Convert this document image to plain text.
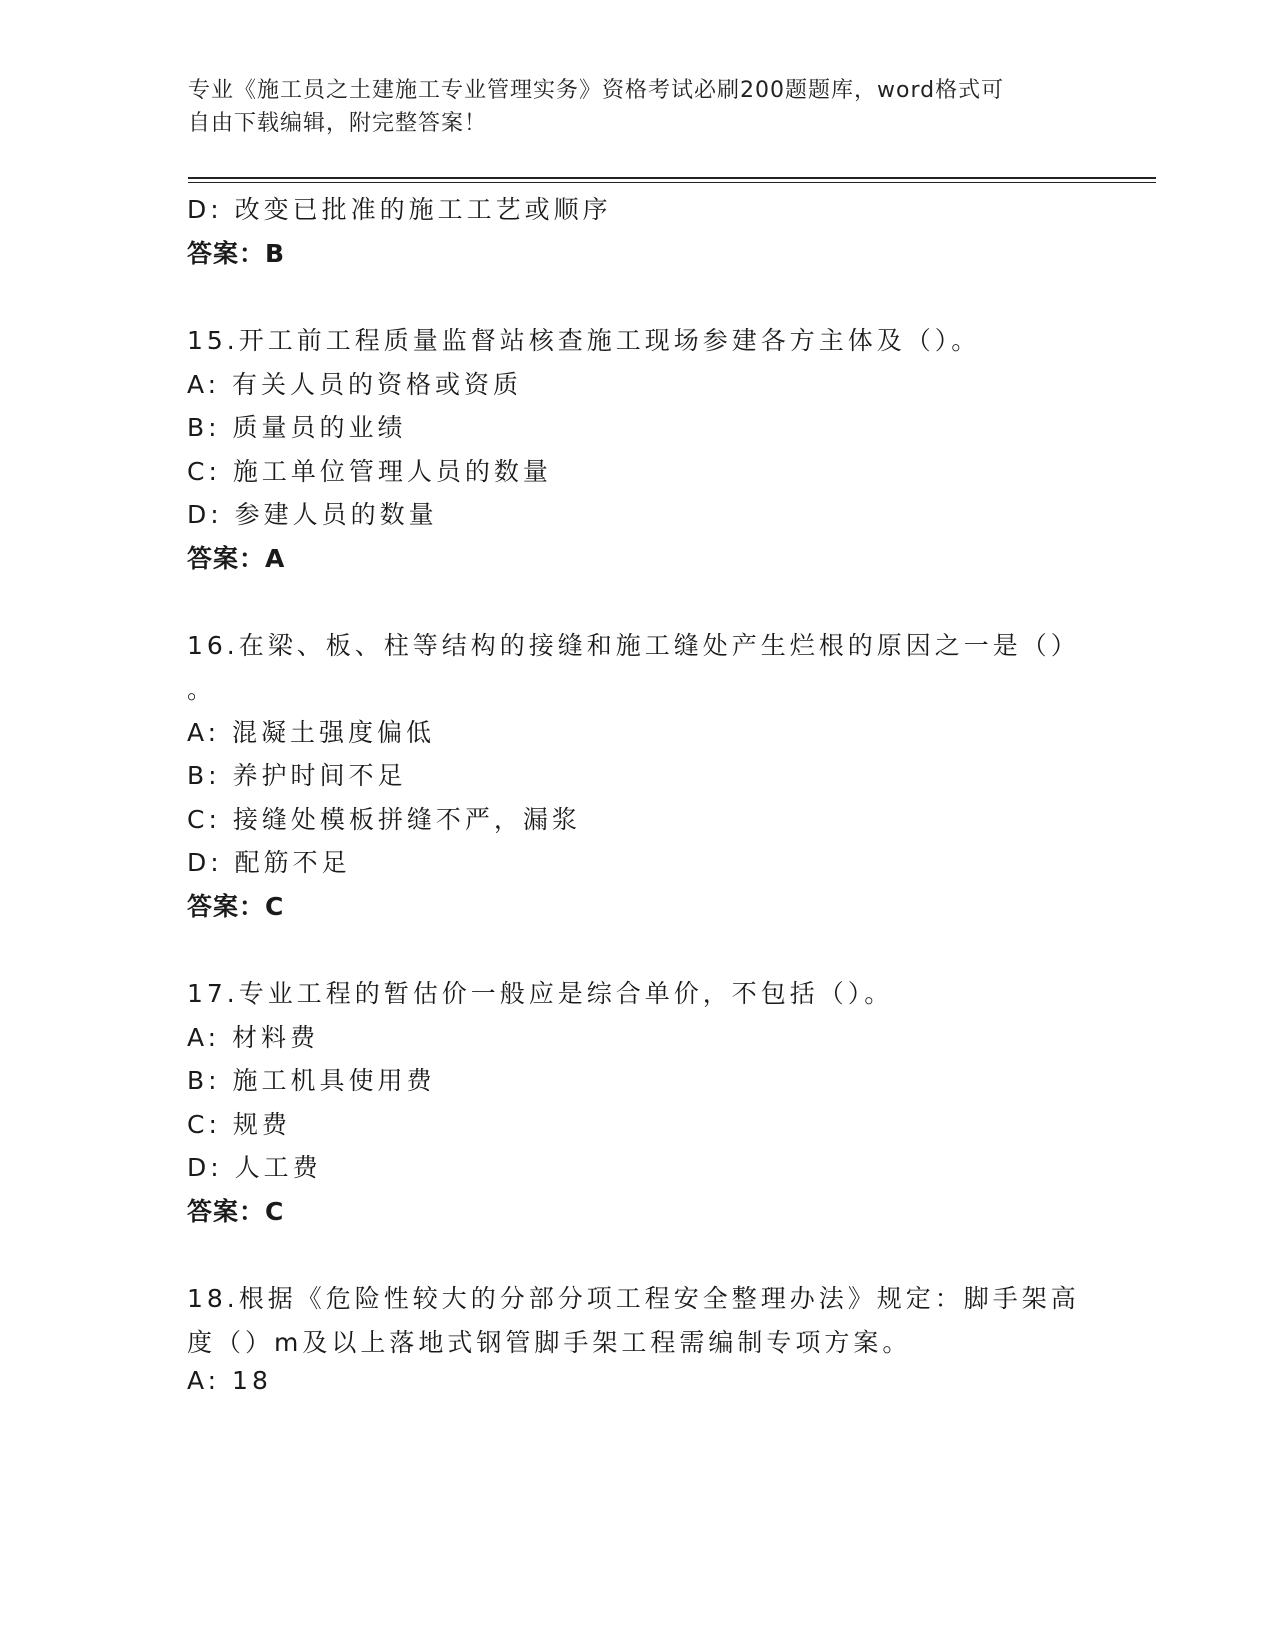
专业《施工员之土建施工专业管理实务》资格考试必刷200题题库，word格式可
自由下载编辑，附完整答案！
D: 改变已批准的施工工艺或顺序
答案：B
15.开工前工程质量监督站核查施工现场参建各方主体及（）。
A: 有关人员的资格或资质
B: 质量员的业绩
C: 施工单位管理人员的数量
D: 参建人员的数量
答案：A
16.在梁、板、柱等结构的接缝和施工缝处产生烂根的原因之一是（）
。
A: 混凝土强度偏低
B: 养护时间不足
C: 接缝处模板拼缝不严，漏浆
D: 配筋不足
答案：C
17.专业工程的暂估价一般应是综合单价，不包括（）。
A: 材料费
B: 施工机具使用费
C: 规费
D: 人工费
答案：C
18.根据《危险性较大的分部分项工程安全整理办法》规定：脚手架高
度（）m及以上落地式钢管脚手架工程需编制专项方案。
A: 18
